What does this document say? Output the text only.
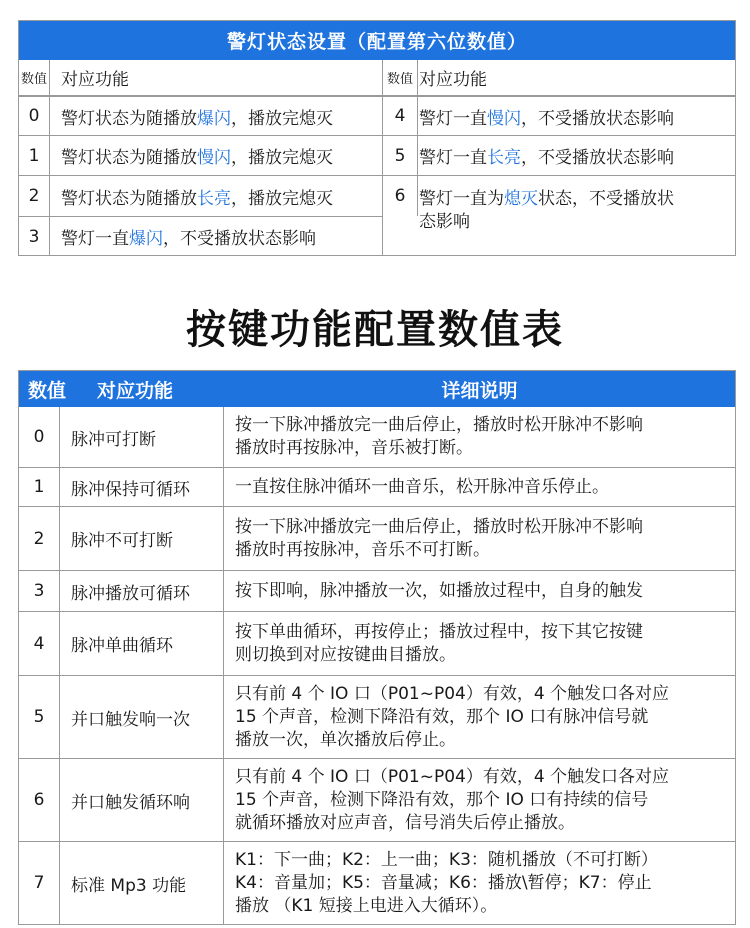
警灯状态设置（配置第六位数值）
数值 对应功能	数值 对应功能
0	警灯状态为随播放 爆闪 ，播放完熄灭
1	警灯状态为随播放 慢闪 ，播放完熄灭
2	警灯状态为随播放 长亮 ，播放完熄灭
3	警灯一直 爆闪 ，不受播放状态影响
4 警灯一直 慢闪 ，不受播放状态影响
5 警灯一直 长亮 ，不受播放状态影响
6 警灯一直为 熄灭 状态，不受播放状
态影响
按键功能配置数值表
数值	对应功能	详细说明
0	脉冲可打断
按一下脉冲播放完一曲后停止，播放时松开脉冲不影响
播放时再按脉冲，音乐被打断。
1	脉冲保持可循环	一直按住脉冲循环一曲音乐，松开脉冲音乐停止。
2	脉冲不可打断
按一下脉冲播放完一曲后停止，播放时松开脉冲不影响
播放时再按脉冲，音乐不可打断。
3	脉冲播放可循环	按下即响，脉冲播放一次，如播放过程中，自身的触发
4	脉冲单曲循环
按下单曲循环，再按停止；播放过程中，按下其它按键
则切换到对应按键曲目播放。
5	并口触发响一次
只有前 4 个 IO 口（P01~P04）有效，4 个触发口各对应
15 个声音，检测下降沿有效，那个 IO 口有脉冲信号就
播放一次，单次播放后停止。
6	并口触发循环响
只有前 4 个 IO 口（P01~P04）有效，4 个触发口各对应
15 个声音，检测下降沿有效，那个 IO 口有持续的信号
就循环播放对应声音，信号消失后停止播放。
7	标准 Mp3 功能
K1：下一曲；K2：上一曲；K3：随机播放（不可打断）
K4：音量加；K5：音量减；K6：播放\暂停；K7：停止
播放 （K1 短接上电进入大循环）。
